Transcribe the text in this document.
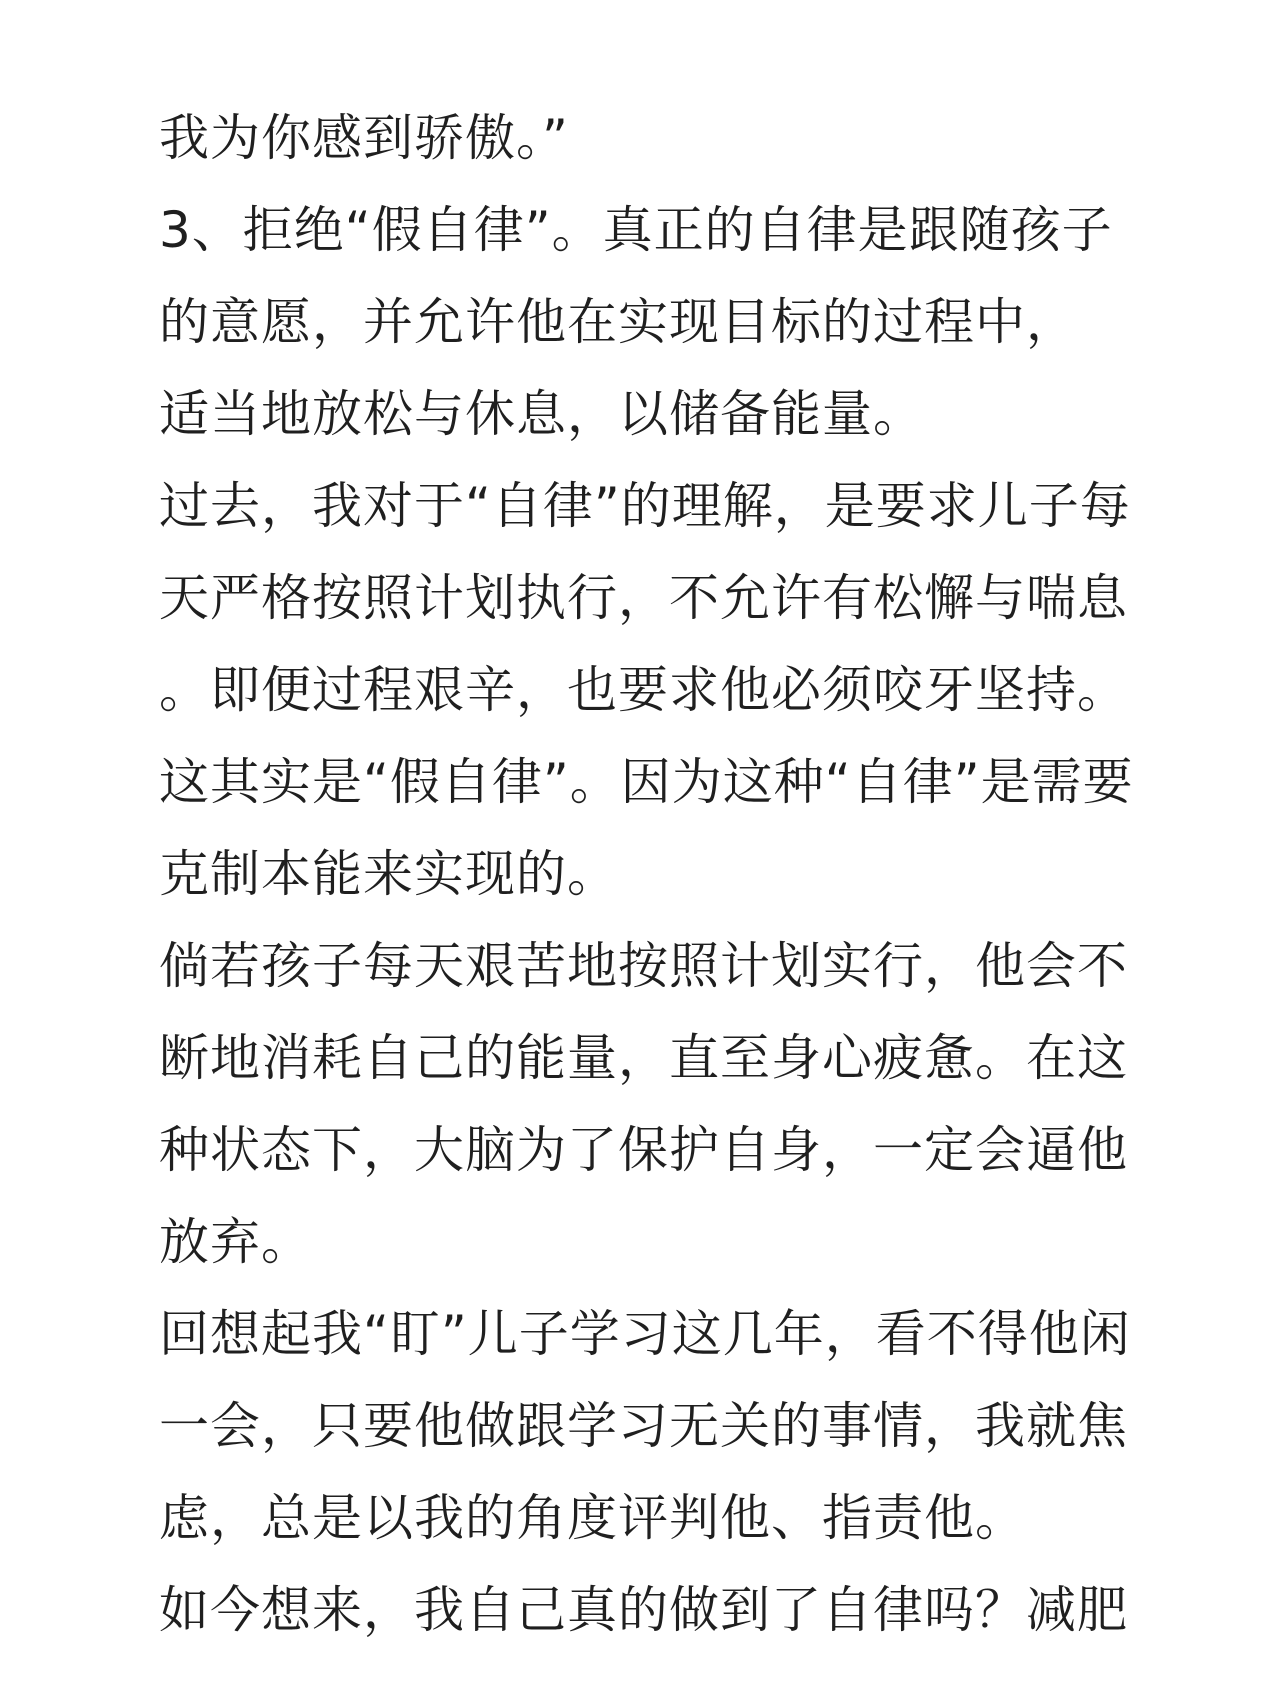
我为你感到骄傲。”
3、拒绝“假自律”。真正的自律是跟随孩子
的意愿，并允许他在实现目标的过程中，
适当地放松与休息，以储备能量。
过去，我对于“自律”的理解，是要求儿子每
天严格按照计划执行，不允许有松懈与喘息
。即便过程艰辛，也要求他必须咬牙坚持。
这其实是“假自律”。因为这种“自律”是需要
克制本能来实现的。
倘若孩子每天艰苦地按照计划实行，他会不
断地消耗自己的能量，直至身心疲惫。在这
种状态下，大脑为了保护自身，一定会逼他
放弃。
回想起我“盯”儿子学习这几年，看不得他闲
一会，只要他做跟学习无关的事情，我就焦
虑，总是以我的角度评判他、指责他。
如今想来，我自己真的做到了自律吗？减肥
